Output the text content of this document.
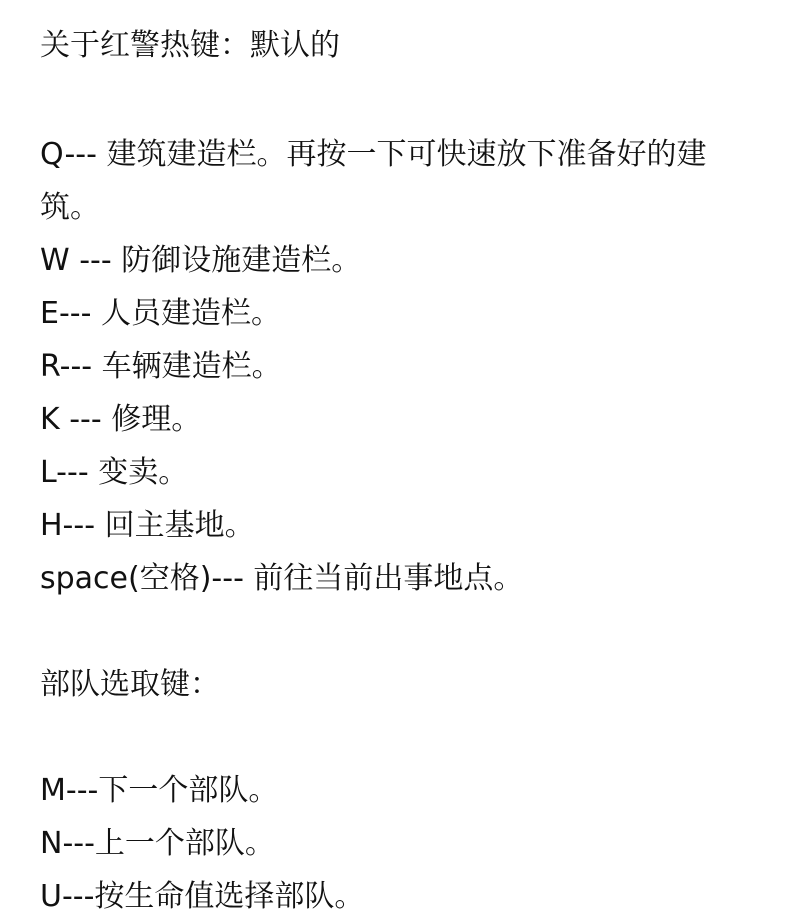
关于红警热键：默认的

Q--- 建筑建造栏。再按一下可快速放下准备好的建筑。

W --- 防御设施建造栏。

E--- 人员建造栏。

R--- 车辆建造栏。

K --- 修理。

L--- 变卖。

H--- 回主基地。

space(空格)--- 前往当前出事地点。

部队选取键：

M---下一个部队。

N---上一个部队。

U---按生命值选择部队。
